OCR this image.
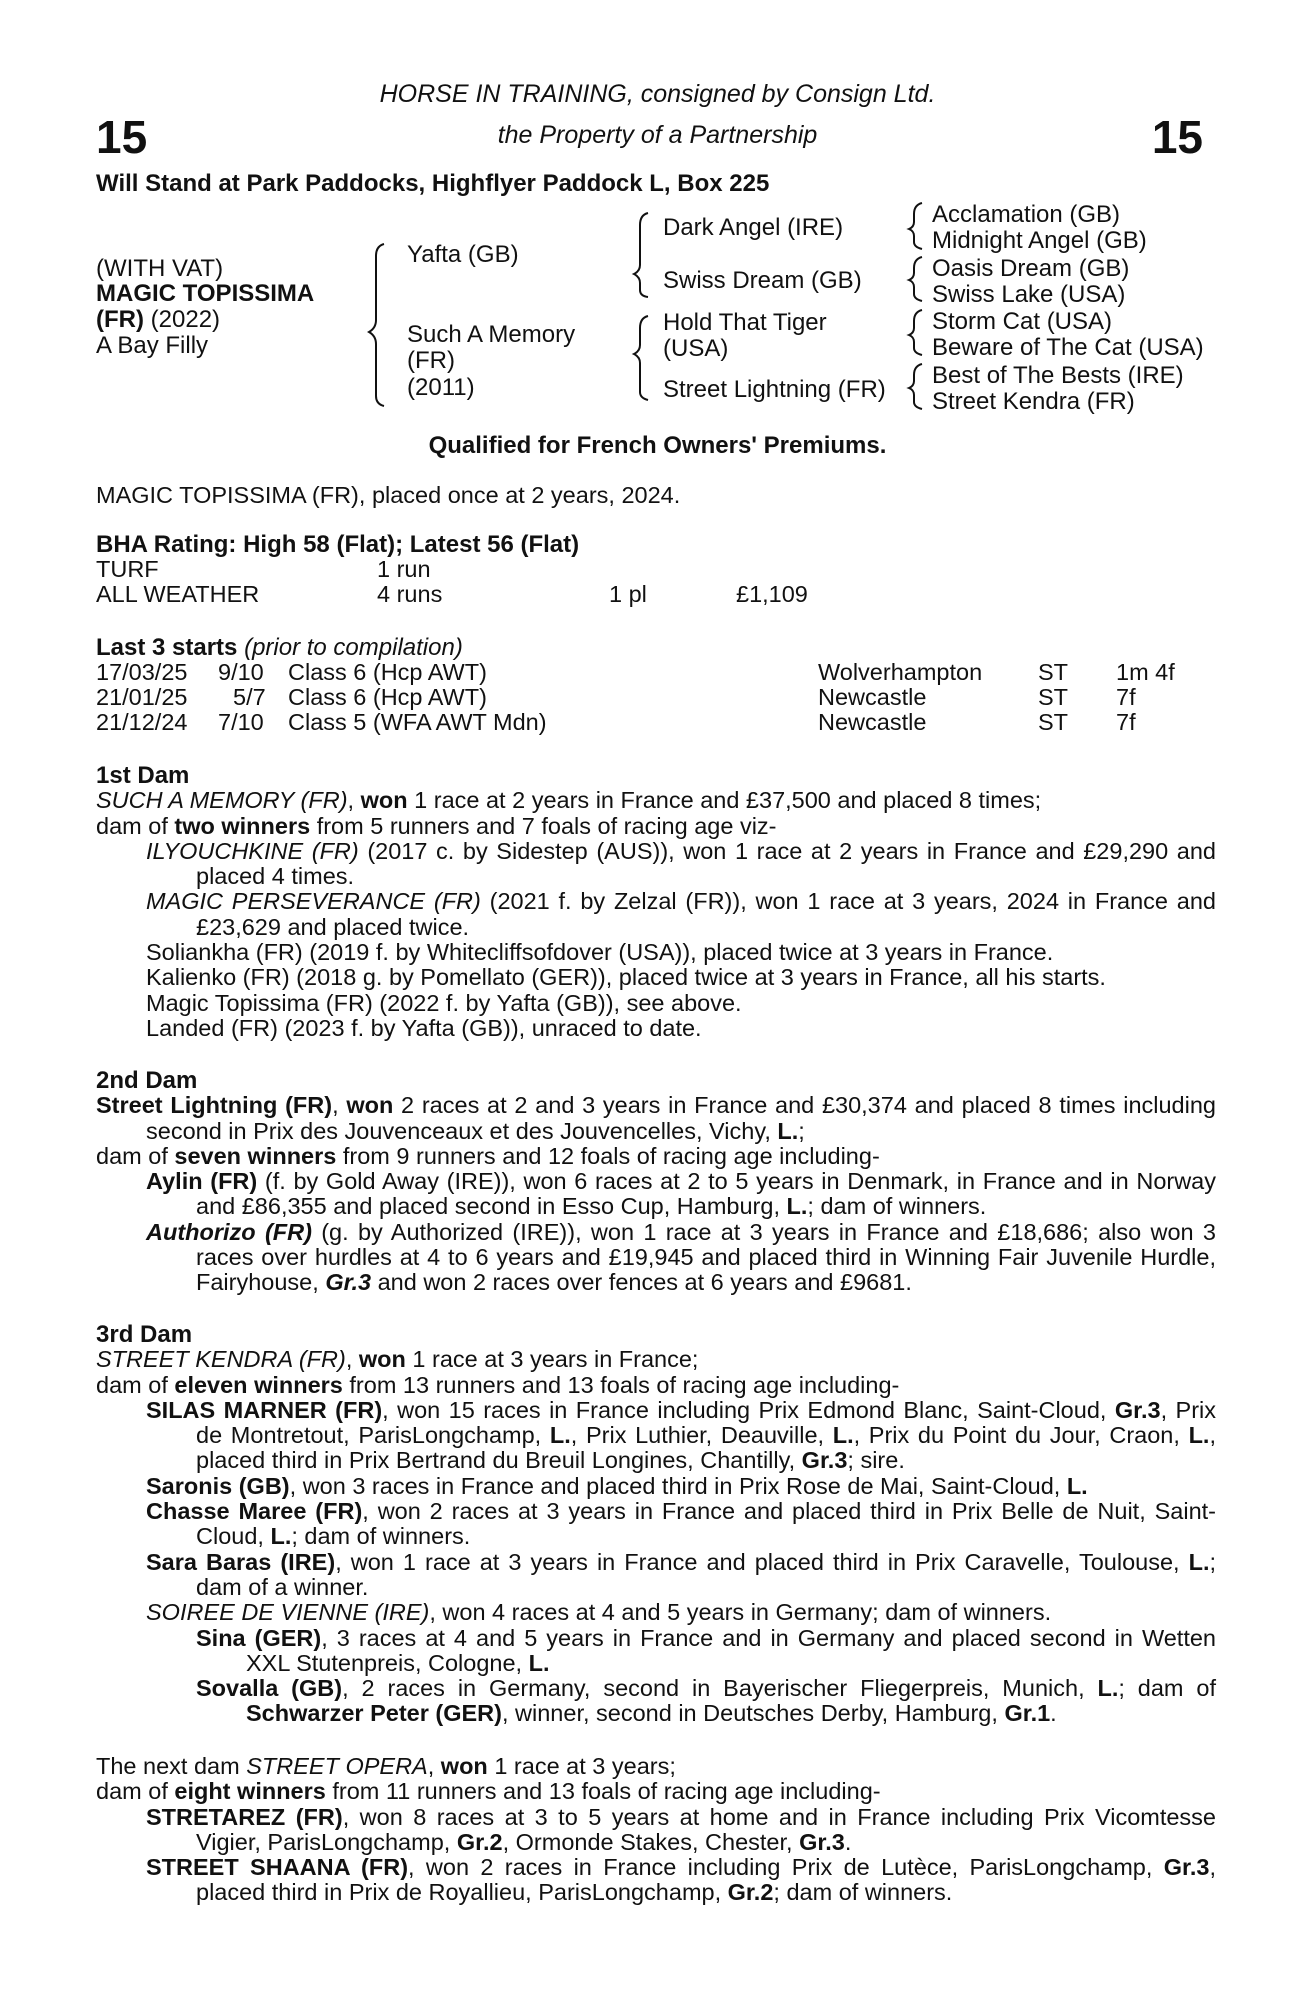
15	15
HORSE IN TRAINING, consigned by Consign Ltd.
the Property of a Partnership
Will Stand at Park Paddocks, Highflyer Paddock L, Box 225
(WITH VAT)
MAGIC TOPISSIMA
(FR) (2022)
A Bay Filly
Yafta (GB)
Such A Memory
(FR)
(2011)
Dark Angel (IRE)
Swiss Dream (GB)
Hold That Tiger
(USA)
Street Lightning (FR)
Acclamation (GB)
Midnight Angel (GB)
Oasis Dream (GB)
Swiss Lake (USA)
Storm Cat (USA)
Beware of The Cat (USA)
Best of The Bests (IRE)
Street Kendra (FR)
Qualified for French Owners' Premiums.
MAGIC TOPISSIMA (FR), placed once at 2 years, 2024.
BHA Rating: High 58 (Flat); Latest 56 (Flat)
TURF	1 run
ALL WEATHER	4 runs	1 pl	£1,109
Last 3 starts (prior to compilation)
17/03/25 9/10 Class 6 (Hcp AWT)	Wolverhampton ST 1m 4f
21/01/25 5/7 Class 6 (Hcp AWT)	Newcastle	ST 7f
21/12/24 7/10 Class 5 (WFA AWT Mdn)	Newcastle	ST 7f

1st Dam

SUCH A MEMORY (FR), won 1 race at 2 years in France and £37,500 and placed 8 times;

dam of two winners from 5 runners and 7 foals of racing age viz-

ILYOUCHKINE (FR) (2017 c. by Sidestep (AUS)), won 1 race at 2 years in France and £29,290 and placed 4 times.

MAGIC PERSEVERANCE (FR) (2021 f. by Zelzal (FR)), won 1 race at 3 years, 2024 in France and £23,629 and placed twice.

Soliankha (FR) (2019 f. by Whitecliffsofdover (USA)), placed twice at 3 years in France.

Kalienko (FR) (2018 g. by Pomellato (GER)), placed twice at 3 years in France, all his starts.

Magic Topissima (FR) (2022 f. by Yafta (GB)), see above.

Landed (FR) (2023 f. by Yafta (GB)), unraced to date.

2nd Dam

Street Lightning (FR), won 2 races at 2 and 3 years in France and £30,374 and placed 8 times including second in Prix des Jouvenceaux et des Jouvencelles, Vichy, L.;

dam of seven winners from 9 runners and 12 foals of racing age including-

Aylin (FR) (f. by Gold Away (IRE)), won 6 races at 2 to 5 years in Denmark, in France and in Norway and £86,355 and placed second in Esso Cup, Hamburg, L.; dam of winners.

Authorizo (FR) (g. by Authorized (IRE)), won 1 race at 3 years in France and £18,686; also won 3 races over hurdles at 4 to 6 years and £19,945 and placed third in Winning Fair Juvenile Hurdle, Fairyhouse, Gr.3 and won 2 races over fences at 6 years and £9681.

3rd Dam

STREET KENDRA (FR), won 1 race at 3 years in France;

dam of eleven winners from 13 runners and 13 foals of racing age including-

SILAS MARNER (FR), won 15 races in France including Prix Edmond Blanc, Saint-Cloud, Gr.3, Prix de Montretout, ParisLongchamp, L., Prix Luthier, Deauville, L., Prix du Point du Jour, Craon, L., placed third in Prix Bertrand du Breuil Longines, Chantilly, Gr.3; sire.

Saronis (GB), won 3 races in France and placed third in Prix Rose de Mai, Saint-Cloud, L.

Chasse Maree (FR), won 2 races at 3 years in France and placed third in Prix Belle de Nuit, Saint-Cloud, L.; dam of winners.

Sara Baras (IRE), won 1 race at 3 years in France and placed third in Prix Caravelle, Toulouse, L.; dam of a winner.

SOIREE DE VIENNE (IRE), won 4 races at 4 and 5 years in Germany; dam of winners.

Sina (GER), 3 races at 4 and 5 years in France and in Germany and placed second in Wetten XXL Stutenpreis, Cologne, L.

Sovalla (GB), 2 races in Germany, second in Bayerischer Fliegerpreis, Munich, L.; dam of Schwarzer Peter (GER), winner, second in Deutsches Derby, Hamburg, Gr.1.

The next dam STREET OPERA, won 1 race at 3 years;

dam of eight winners from 11 runners and 13 foals of racing age including-

STRETAREZ (FR), won 8 races at 3 to 5 years at home and in France including Prix Vicomtesse Vigier, ParisLongchamp, Gr.2, Ormonde Stakes, Chester, Gr.3.

STREET SHAANA (FR), won 2 races in France including Prix de Lutèce, ParisLongchamp, Gr.3, placed third in Prix de Royallieu, ParisLongchamp, Gr.2; dam of winners.
